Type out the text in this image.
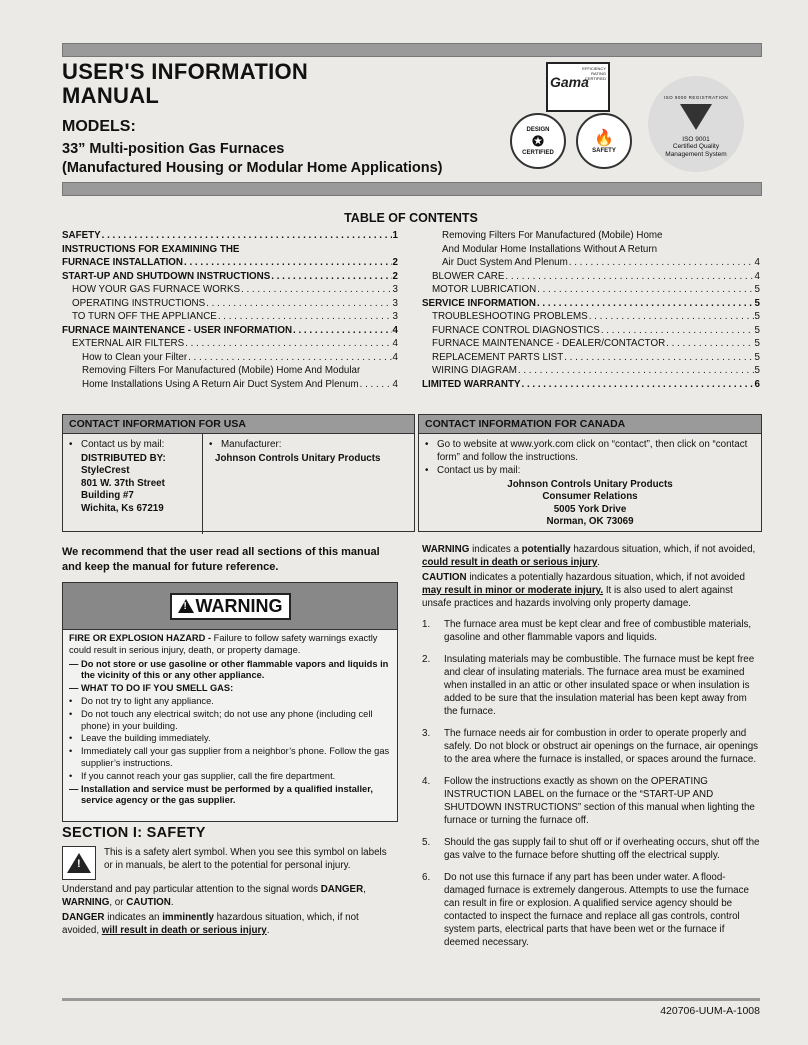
USER'S INFORMATION
MANUAL
MODELS:
33” Multi-position Gas Furnaces
(Manufactured Housing or Modular Home Applications)
EFFICIENCY RATING CERTIFIED
Gama
DESIGN
✪
CERTIFIED
🔥
SAFETY
ISO 9000 REGISTRATION
ISO 9001
Certified Quality
Management System
TABLE OF CONTENTS
SAFETY . . .	1
INSTRUCTIONS FOR EXAMINING THE
FURNACE INSTALLATION . . .	2
START-UP AND SHUTDOWN INSTRUCTIONS . . .	2
HOW YOUR GAS FURNACE WORKS . . .	3
OPERATING INSTRUCTIONS . . .	3
TO TURN OFF THE APPLIANCE . . .	3
FURNACE MAINTENANCE - USER INFORMATION . . .	4
EXTERNAL AIR FILTERS . . .	4
How to Clean your Filter . . .	4
Removing Filters For Manufactured (Mobile) Home And Modular
Home Installations Using A Return Air Duct System And Plenum . . .	4
Removing Filters For Manufactured (Mobile) Home
And Modular Home Installations Without A Return
Air Duct System And Plenum . . .	4
BLOWER CARE . . .	4
MOTOR LUBRICATION . . .	5
SERVICE INFORMATION . . .	5
TROUBLESHOOTING PROBLEMS . . .	5
FURNACE CONTROL DIAGNOSTICS . . .	5
FURNACE MAINTENANCE - DEALER/CONTACTOR . . .	5
REPLACEMENT PARTS LIST . . .	5
WIRING DIAGRAM . . .	5
LIMITED WARRANTY . . .	6
CONTACT INFORMATION FOR USA
• Contact us by mail:
DISTRIBUTED BY:
StyleCrest
801 W. 37th Street
Building #7
Wichita, Ks 67219
• Manufacturer:
Johnson Controls Unitary Products
CONTACT INFORMATION FOR CANADA
• Go to website at www.york.com click on “contact”, then click on “contact form” and follow the instructions.
• Contact us by mail:
Johnson Controls Unitary Products
Consumer Relations
5005 York Drive
Norman, OK 73069
We recommend that the user read all sections of this manual and keep the manual for future reference.
! WARNING

FIRE OR EXPLOSION HAZARD - Failure to follow safety warnings exactly could result in serious injury, death, or property damage.

— Do not store or use gasoline or other flammable vapors and liquids in the vicinity of this or any other appliance.
— WHAT TO DO IF YOU SMELL GAS:
• Do not try to light any appliance.
• Do not touch any electrical switch; do not use any phone (including cell phone) in your building.
• Leave the building immediately.
• Immediately call your gas supplier from a neighbor’s phone. Follow the gas supplier’s instructions.
• If you cannot reach your gas supplier, call the fire department.
— Installation and service must be performed by a qualified installer, service agency or the gas supplier.
SECTION I: SAFETY
!
This is a safety alert symbol. When you see this symbol on labels or in manuals, be alert to the potential for personal injury.

Understand and pay particular attention to the signal words DANGER, WARNING, or CAUTION.

DANGER indicates an imminently hazardous situation, which, if not avoided, will result in death or serious injury.

WARNING indicates a potentially hazardous situation, which, if not avoided, could result in death or serious injury.

CAUTION indicates a potentially hazardous situation, which, if not avoided may result in minor or moderate injury. It is also used to alert against unsafe practices and hazards involving only property damage.

1.	The furnace area must be kept clear and free of combustible materials, gasoline and other flammable vapors and liquids.
2.	Insulating materials may be combustible. The furnace must be kept free and clear of insulating materials. The furnace area must be examined when installed in an attic or other insulated space or when insulation is added to be sure that the insulation material has been kept away from the furnace.
3.	The furnace needs air for combustion in order to operate properly and safely. Do not block or obstruct air openings on the furnace, air openings to the area where the furnace is installed, or spaces around the furnace.
4.	Follow the instructions exactly as shown on the OPERATING INSTRUCTION LABEL on the furnace or the “START-UP AND SHUTDOWN INSTRUCTIONS” section of this manual when lighting the furnace or turning the furnace off.
5.	Should the gas supply fail to shut off or if overheating occurs, shut off the gas valve to the furnace before shutting off the electrical supply.
6.	Do not use this furnace if any part has been under water. A flood-damaged furnace is extremely dangerous. Attempts to use the furnace can result in fire or explosion. A qualified service agency should be contacted to inspect the furnace and replace all gas controls, control system parts, electrical parts that have been wet or the furnace if deemed necessary.
420706-UUM-A-1008
